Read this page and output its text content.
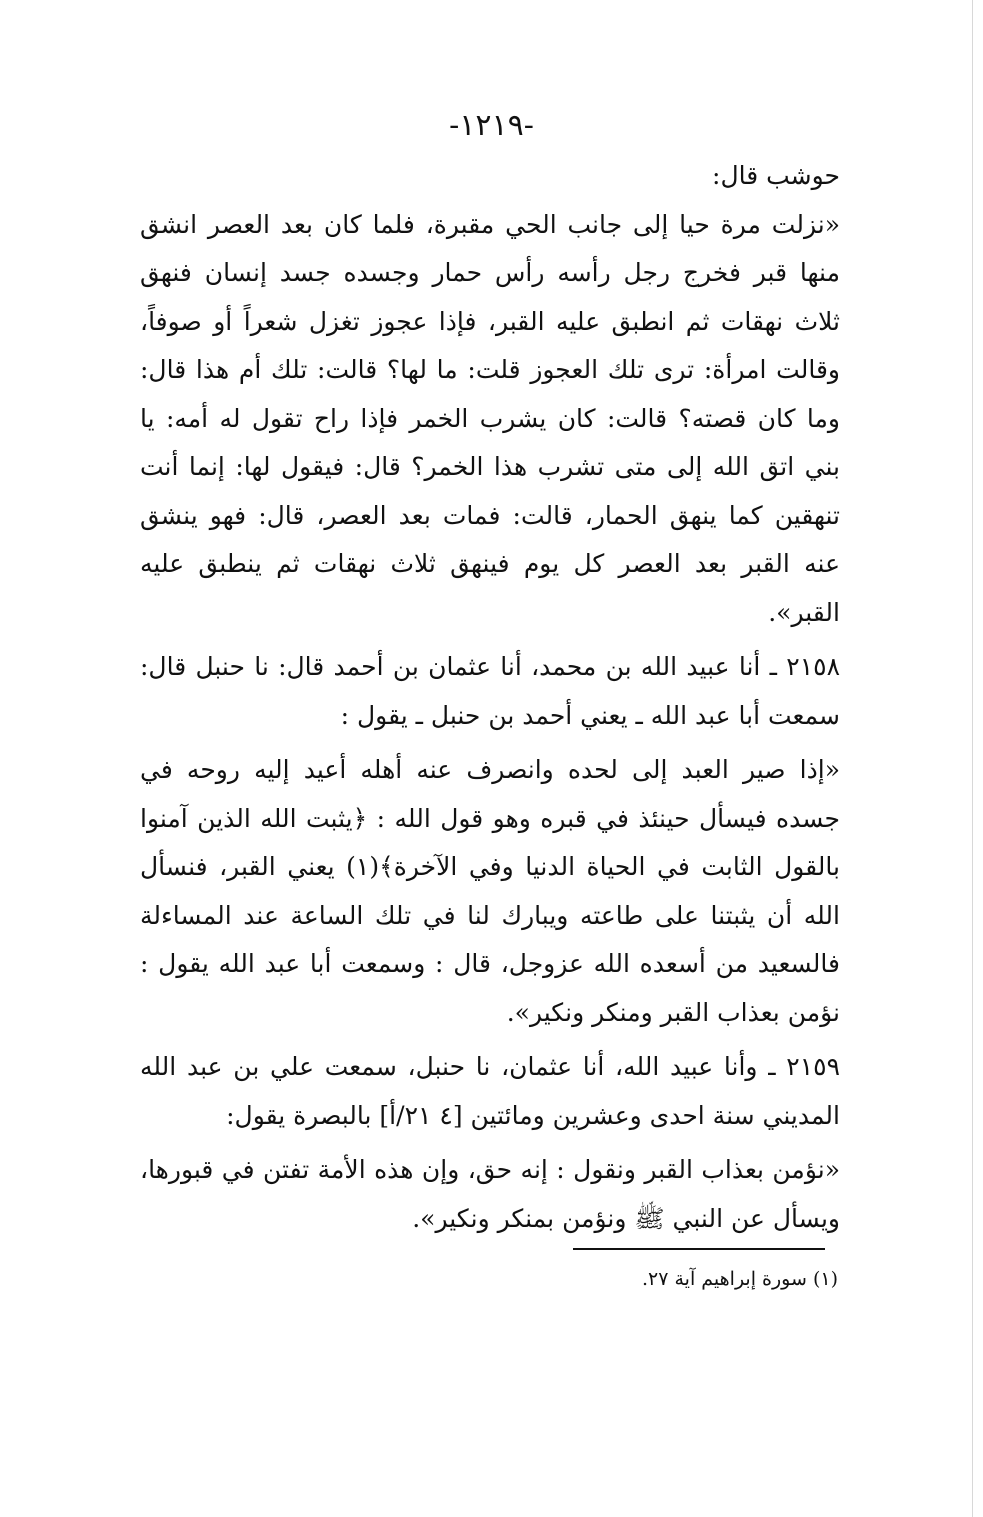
-١٢١٩-

حوشب قال:

«نزلت مرة حيا إلى جانب الحي مقبرة، فلما كان بعد العصر انشق منها قبر فخرج رجل رأسه رأس حمار وجسده جسد إنسان فنهق ثلاث نهقات ثم انطبق عليه القبر، فإذا عجوز تغزل شعراً أو صوفاً، وقالت امرأة: ترى تلك العجوز قلت: ما لها؟ قالت: تلك أم هذا قال: وما كان قصته؟ قالت: كان يشرب الخمر فإذا راح تقول له أمه: يا بني اتق الله إلى متى تشرب هذا الخمر؟ قال: فيقول لها: إنما أنت تنهقين كما ينهق الحمار، قالت: فمات بعد العصر، قال: فهو ينشق عنه القبر بعد العصر كل يوم فينهق ثلاث نهقات ثم ينطبق عليه القبر».

٢١٥٨ ـ أنا عبيد الله بن محمد، أنا عثمان بن أحمد قال: نا حنبل قال: سمعت أبا عبد الله ـ يعني أحمد بن حنبل ـ يقول :

«إذا صير العبد إلى لحده وانصرف عنه أهله أعيد إليه روحه في جسده فيسأل حينئذ في قبره وهو قول الله : ﴿يثبت الله الذين آمنوا بالقول الثابت في الحياة الدنيا وفي الآخرة﴾(١) يعني القبر، فنسأل الله أن يثبتنا على طاعته ويبارك لنا في تلك الساعة عند المساءلة فالسعيد من أسعده الله عزوجل، قال : وسمعت أبا عبد الله يقول : نؤمن بعذاب القبر ومنكر ونكير».

٢١٥٩ ـ وأنا عبيد الله، أنا عثمان، نا حنبل، سمعت علي بن عبد الله المديني سنة احدى وعشرين ومائتين [٤ ٢١/أ] بالبصرة يقول:

«نؤمن بعذاب القبر ونقول : إنه حق، وإن هذه الأمة تفتن في قبورها، ويسأل عن النبي ﷺ ونؤمن بمنكر ونكير».

(١) سورة إبراهيم آية ٢٧.
